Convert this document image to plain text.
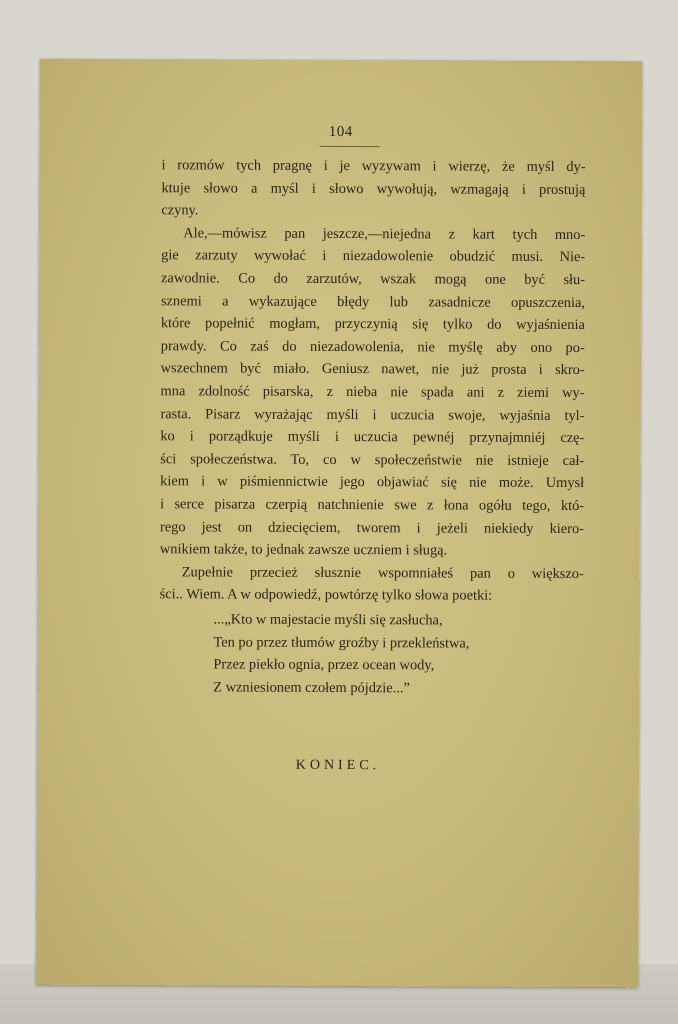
104
i rozmów tych pragnę i je wyzywam i wierzę, że myśl dy-
ktuje słowo a myśl i słowo wywołują, wzmagają i prostują
czyny.
Ale,—mówisz pan jeszcze,—niejedna z kart tych mno-
gie zarzuty wywołać i niezadowolenie obudzić musi. Nie-
zawodnie. Co do zarzutów, wszak mogą one być słu-
sznemi a wykazujące błędy lub zasadnicze opuszczenia,
które popełnić mogłam, przyczynią się tylko do wyjaśnienia
prawdy. Co zaś do niezadowolenia, nie myślę aby ono po-
wszechnem być miało. Geniusz nawet, nie już prosta i skro-
mna zdolność pisarska, z nieba nie spada ani z ziemi wy-
rasta. Pisarz wyrażając myśli i uczucia swoje, wyjaśnia tyl-
ko i porządkuje myśli i uczucia pewnéj przynajmniéj czę-
ści społeczeństwa. To, co w społeczeństwie nie istnieje cał-
kiem i w piśmiennictwie jego objawiać się nie może. Umysł
i serce pisarza czerpią natchnienie swe z łona ogółu tego, któ-
rego jest on dziecięciem, tworem i jeżeli niekiedy kiero-
wnikiem także, to jednak zawsze uczniem i sługą.
Zupełnie przecież słusznie wspomniałeś pan o większo-
ści.. Wiem. A w odpowiedź, powtórzę tylko słowa poetki:
...„Kto w majestacie myśli się zasłucha,
Ten po przez tłumów groźby i przekleństwa,
Przez piekło ognia, przez ocean wody,
Z wzniesionem czołem pójdzie...”
KONIEC.
